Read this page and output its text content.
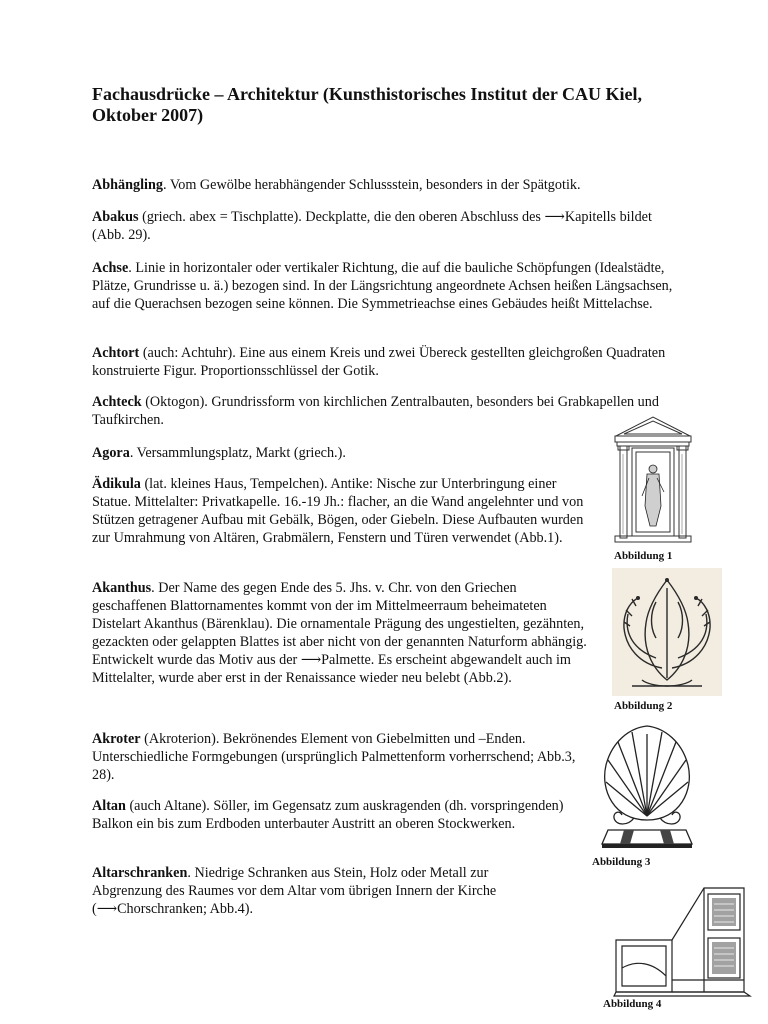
Fachausdrücke – Architektur (Kunsthistorisches Institut der CAU Kiel, Oktober 2007)

Abhängling. Vom Gewölbe herabhängender Schlussstein, besonders in der Spätgotik.

Abakus (griech. abex = Tischplatte). Deckplatte, die den oberen Abschluss des ⟶Kapitells bildet (Abb. 29).

Achse. Linie in horizontaler oder vertikaler Richtung, die auf die bauliche Schöpfungen (Idealstädte, Plätze, Grundrisse u. ä.) bezogen sind. In der Längsrichtung angeordnete Achsen heißen Längsachsen, auf die Querachsen bezogen seine können. Die Symmetrieachse eines Gebäudes heißt Mittelachse.

Achtort (auch: Achtuhr). Eine aus einem Kreis und zwei Übereck gestellten gleichgroßen Quadraten konstruierte Figur. Proportionsschlüssel der Gotik.

Achteck (Oktogon). Grundrissform von kirchlichen Zentralbauten, besonders bei Grabkapellen und Taufkirchen.

Agora. Versammlungsplatz, Markt (griech.).

Ädikula (lat. kleines Haus, Tempelchen). Antike: Nische zur Unterbringung einer Statue. Mittelalter: Privatkapelle. 16.-19 Jh.: flacher, an die Wand angelehnter und von Stützen getragener Aufbau mit Gebälk, Bögen, oder Giebeln. Diese Aufbauten wurden zur Umrahmung von Altären, Grabmälern, Fenstern und Türen verwendet (Abb.1).

Akanthus. Der Name des gegen Ende des 5. Jhs. v. Chr. von den Griechen geschaffenen Blattornamentes kommt von der im Mittelmeerraum beheimateten Distelart Akanthus (Bärenklau). Die ornamentale Prägung des ungestielten, gezähnten, gezackten oder gelappten Blattes ist aber nicht von der genannten Naturform abhängig. Entwickelt wurde das Motiv aus der ⟶Palmette. Es erscheint abgewandelt auch im Mittelalter, wurde aber erst in der Renaissance wieder neu belebt (Abb.2).

Akroter (Akroterion). Bekrönendes Element von Giebelmitten und –Enden. Unterschiedliche Formgebungen (ursprünglich Palmettenform vorherrschend; Abb.3, 28).

Altan (auch Altane). Söller, im Gegensatz zum auskragenden (dh. vorspringenden) Balkon ein bis zum Erdboden unterbauter Austritt an oberen Stockwerken.

Altarschranken. Niedrige Schranken aus Stein, Holz oder Metall zur Abgrenzung des Raumes vor dem Altar vom übrigen Innern der Kirche (⟶Chorschranken; Abb.4).

Abbildung 1
Abbildung 2
Abbildung 3
Abbildung 4
